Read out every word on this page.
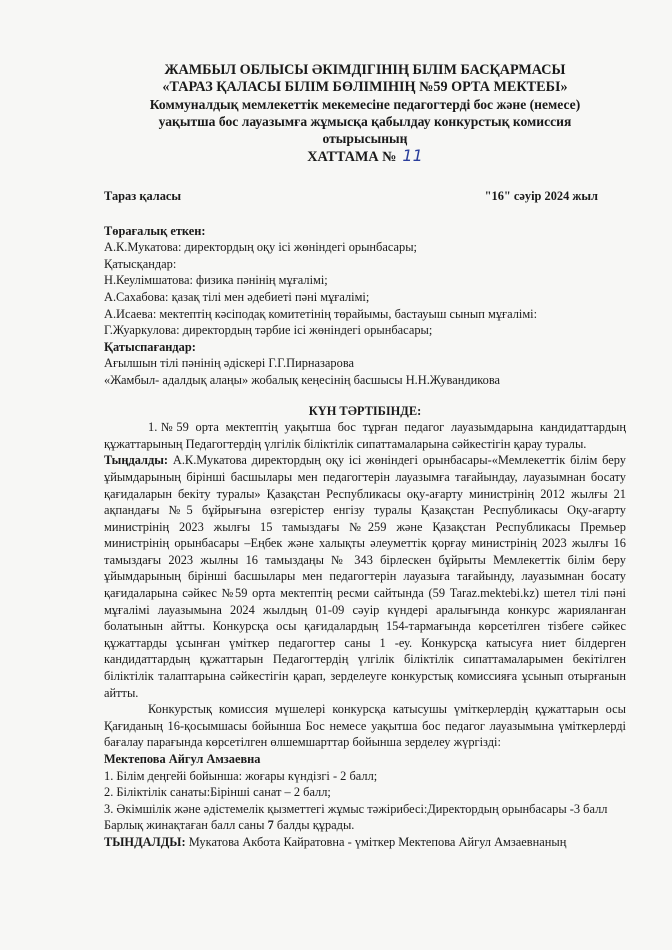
ЖАМБЫЛ ОБЛЫСЫ ӘКІМДІГІНІҢ БІЛІМ БАСҚАРМАСЫ
«ТАРАЗ ҚАЛАСЫ БІЛІМ БӨЛІМІНІҢ №59 ОРТА МЕКТЕБІ»
Коммуналдық мемлекеттік мекемесіне педагогтерді бос және (немесе)
уақытша бос лауазымға жұмысқа қабылдау конкурстық комиссия
отырысының
ХАТТАМА № 11
Тараз қаласы	"16" сәуір 2024 жыл
Төрағалық еткен:
А.К.Мукатова: директордың оқу ісі жөніндегі орынбасары;
Қатысқандар:
Н.Кеулімшатова: физика пәнінің мұғалімі;
А.Сахабова: қазақ тілі мен әдебиеті пәні мұғалімі;
А.Исаева: мектептің кәсіподақ комитетінің төрайымы, бастауыш сынып мұғалімі:
Г.Жуаркулова: директордың тәрбие ісі жөніндегі орынбасары;
Қатыспағандар:
Ағылшын тілі пәнінің әдіскері Г.Г.Пирназарова
«Жамбыл- адалдық алаңы» жобалық кеңесінің басшысы Н.Н.Жувандикова
КҮН ТӘРТІБІНДЕ:
1.№59 орта мектептің уақытша бос тұрған педагог лауазымдарына кандидаттардың құжаттарының Педагогтердің үлгілік біліктілік сипаттамаларына сәйкестігін қарау туралы.
Тыңдалды: А.К.Мукатова директордың оқу ісі жөніндегі орынбасары-«Мемлекеттік білім беру ұйымдарының бірінші басшылары мен педагогтерін лауазымға тағайындау, лауазымнан босату қағидаларын бекіту туралы» Қазақстан Республикасы оқу-ағарту министрінің 2012 жылғы 21 ақпандағы №5 бұйрығына өзгерістер енгізу туралы Қазақстан Республикасы Оқу-ағарту министрінің 2023 жылғы 15 тамыздағы №259 және Қазақстан Республикасы Премьер министрінің орынбасары –Еңбек және халықты әлеуметтік қорғау министрінің 2023 жылғы 16 тамыздағы 2023 жылны 16 тамыздаңы № 343 бірлескен бұйрыты Мемлекеттік білім беру ұйымдарының бірінші басшылары мен педагогтерін лауазыға тағайынду, лауазымнан босату қағидаларына сәйкес №59 орта мектептің ресми сайтында (59 Taraz.mektebi.kz) шетел тілі пәні мұғалімі лауазымына 2024 жылдың 01-09 сәуір күндері аралығында конкурс жарияланған болатынын айтты. Конкурсқа осы қағидалардың 154-тармағында көрсетілген тізбеге сәйкес құжаттарды ұсынған үміткер педагогтер саны 1 -еу. Конкурсқа катысуға ниет білдерген кандидаттардың құжаттарын Педагогтердің үлгілік біліктілік сипаттамаларымен бекітілген біліктілік талаптарына сәйкестігін қарап, зерделеуге конкурстық комиссияға ұсынып отырғанын айтты.
Конкурстық комиссия мүшелері конкурсқа катысушы үміткерлердің құжаттарын осы Қағиданың 16-қосымшасы бойынша Бос немесе уақытша бос педагог лауазымына үміткерлерді бағалау парағында көрсетілген өлшемшарттар бойынша зерделеу жүргізді:
Мектепова Айгул Амзаевна
1. Білім деңгейі бойынша: жоғары күндізгі - 2 балл;
2. Біліктілік санаты:Бірінші санат – 2 балл;
3. Әкімшілік және әдістемелік қызметтегі жұмыс тәжірибесі:Директордың орынбасары -3 балл
Барлық жинақтаған балл саны 7 балды құрады.
ТЫНДАЛДЫ: Мукатова Акбота Кайратовна - үміткер Мектепова Айгул Амзаевнаның
